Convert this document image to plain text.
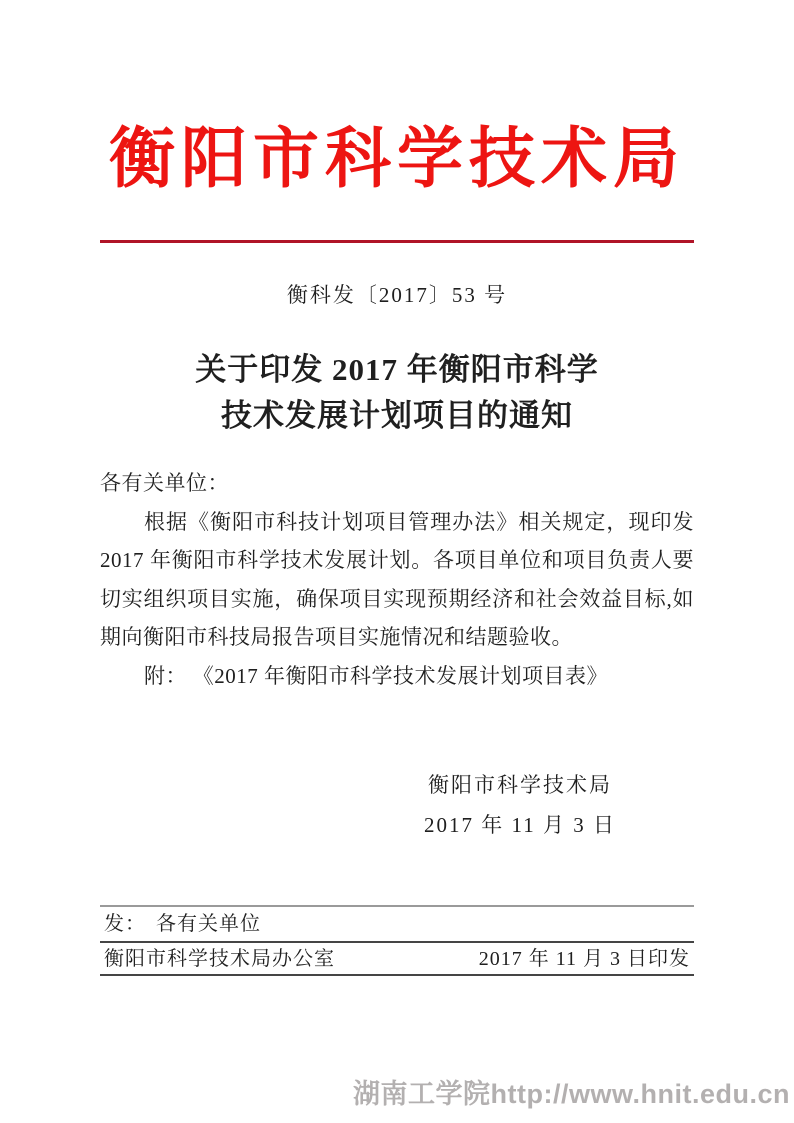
衡阳市科学技术局
衡科发〔2017〕53 号
关于印发 2017 年衡阳市科学
技术发展计划项目的通知
各有关单位：
根据《衡阳市科技计划项目管理办法》相关规定，现印发
2017 年衡阳市科学技术发展计划。各项目单位和项目负责人要
切实组织项目实施，确保项目实现预期经济和社会效益目标,如
期向衡阳市科技局报告项目实施情况和结题验收。
附： 《2017 年衡阳市科学技术发展计划项目表》
衡阳市科学技术局
2017 年 11 月 3 日
发： 各有关单位
衡阳市科学技术局办公室	2017 年 11 月 3 日印发
湖南工学院http://www.hnit.edu.cn
